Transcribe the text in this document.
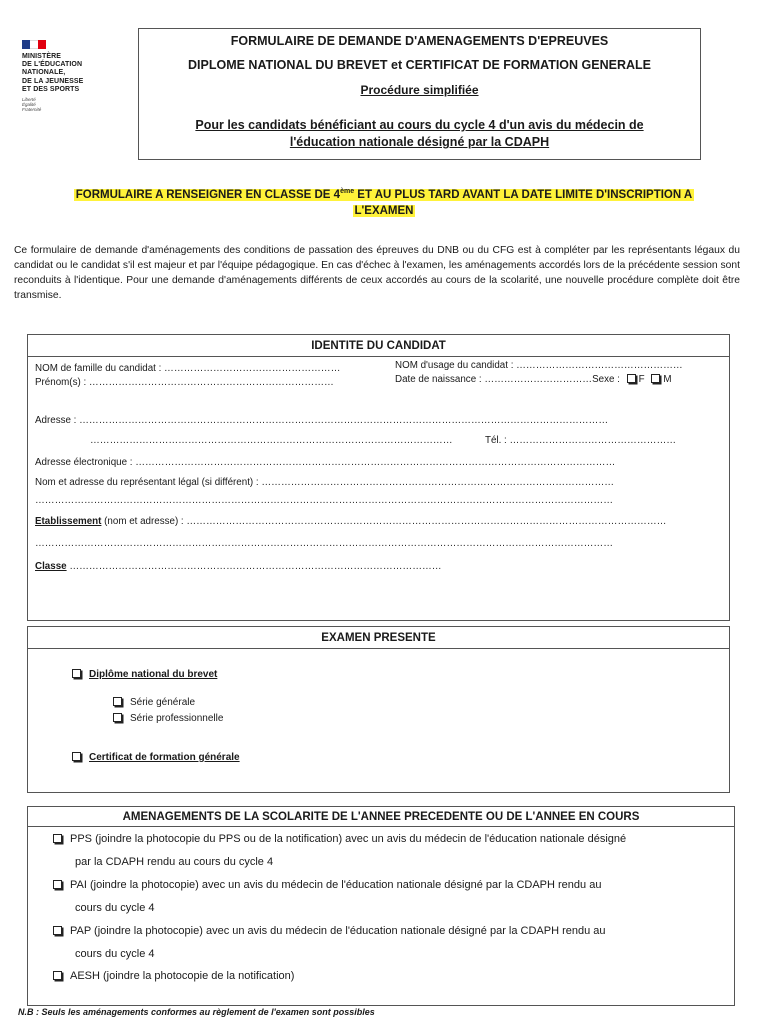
MINISTÈRE
DE L'ÉDUCATION
NATIONALE,
DE LA JEUNESSE
ET DES SPORTS
Liberté
Égalité
Fraternité
FORMULAIRE DE DEMANDE D'AMENAGEMENTS D'EPREUVES
DIPLOME NATIONAL DU BREVET et CERTIFICAT DE FORMATION GENERALE
Procédure simplifiée
Pour les candidats bénéficiant au cours du cycle 4 d'un avis du médecin de
l'éducation nationale désigné par la CDAPH
FORMULAIRE A RENSEIGNER EN CLASSE DE 4ème ET AU PLUS TARD AVANT LA DATE LIMITE D'INSCRIPTION A
L'EXAMEN
Ce formulaire de demande d'aménagements des conditions de passation des épreuves du DNB ou du CFG est à compléter par les représentants légaux du candidat ou le candidat s'il est majeur et par l'équipe pédagogique. En cas d'échec à l'examen, les aménagements accordés lors de la précédente session sont reconduits à l'identique. Pour une demande d'aménagements différents de ceux accordés au cours de la scolarité, une nouvelle procédure complète doit être transmise.
IDENTITE DU CANDIDAT
NOM de famille du candidat : ………………………………………………	NOM d'usage du candidat : ……………………………………………
Prénom(s) : …………………………………………………………………	Date de naissance : ……………………………Sexe : F M
Adresse : ………………………………………………………………………………………………………………………………………………
…………………………………………………………………………………………………	Tél. : ……………………………………………
Adresse électronique : …………………………………………………………………………………………………………………………………
Nom et adresse du représentant légal (si différent) : ………………………………………………………………………………………………
……………………………………………………………………………………………………………………………………………………………
Etablissement (nom et adresse) : …………………………………………………………………………………………………………………………………
……………………………………………………………………………………………………………………………………………………………
Classe ……………………………………………………………………………………………………
EXAMEN PRESENTE
Diplôme national du brevet
Série générale
Série professionnelle
Certificat de formation générale
AMENAGEMENTS DE LA SCOLARITE DE L'ANNEE PRECEDENTE OU DE L'ANNEE EN COURS
PPS (joindre la photocopie du PPS ou de la notification) avec un avis du médecin de l'éducation nationale désigné
par la CDAPH rendu au cours du cycle 4
PAI (joindre la photocopie) avec un avis du médecin de l'éducation nationale désigné par la CDAPH rendu au
cours du cycle 4
PAP (joindre la photocopie) avec un avis du médecin de l'éducation nationale désigné par la CDAPH rendu au
cours du cycle 4
AESH (joindre la photocopie de la notification)
N.B : Seuls les aménagements conformes au règlement de l'examen sont possibles
